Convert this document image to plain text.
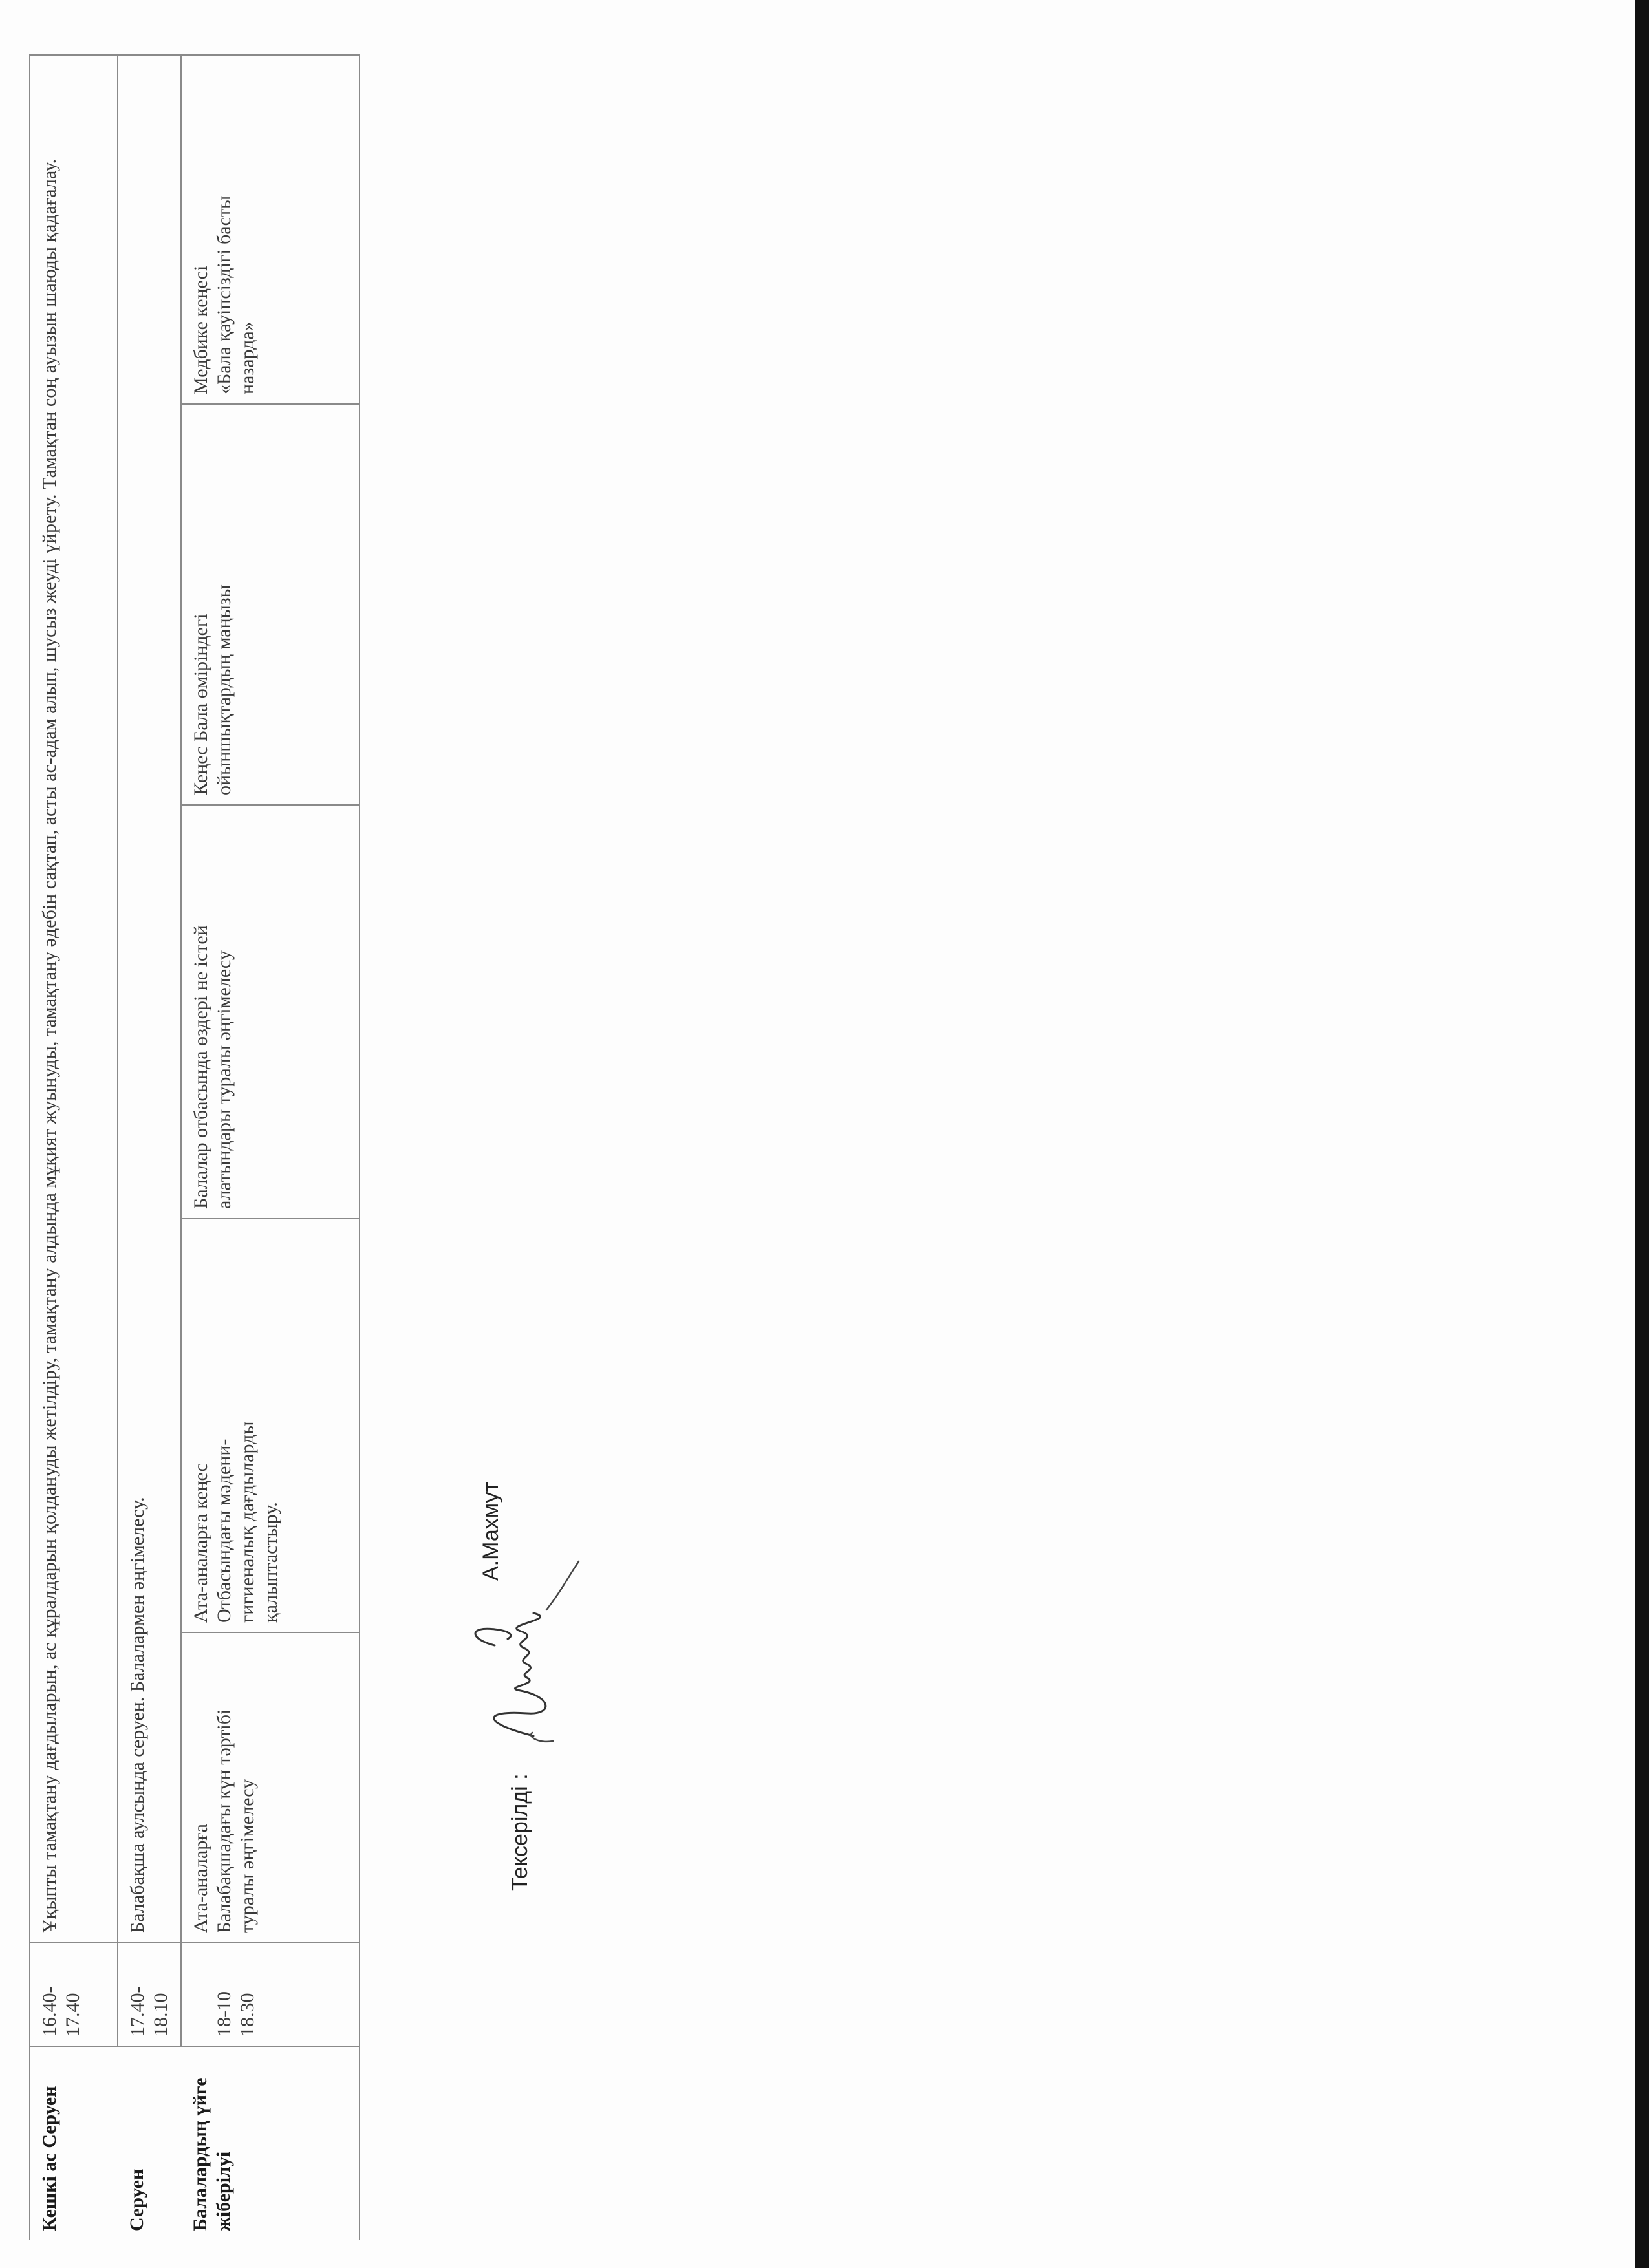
Кешкі ас Серуен	16.40-17.40	Ұқыпты тамақтану дағдыларын, ас құралдарын қолдануды жетілдіру, тамақтану алдында мұқият жуынуды, тамақтану әдебін сақтап, асты ас-адам алып, шусыз жеуді үйрету. Тамақтан соң ауызын шаюды қадағалау.				

Серуен	17.40-18.10	Балабақша аулсында серуен. Балалармен әңгімелесу.				

Балалардың үйге жіберілуі	18-10 18.30	Ата-аналарға Балабақшадағы күн тәртібі туралы әңгімелесу	Ата-аналарға кеңес Отбасындағы мәдени- гигиеналық дағдыларды қалыптастыру.	Балалар отбасында өздері не істей алатындары туралы әңгімелесу	Кеңес Бала өміріндегі ойыншықтардың маңызы	Медбике кеңесі «Бала қауіпсіздігі басты назарда»
Тексерілді :
А.Махмут
